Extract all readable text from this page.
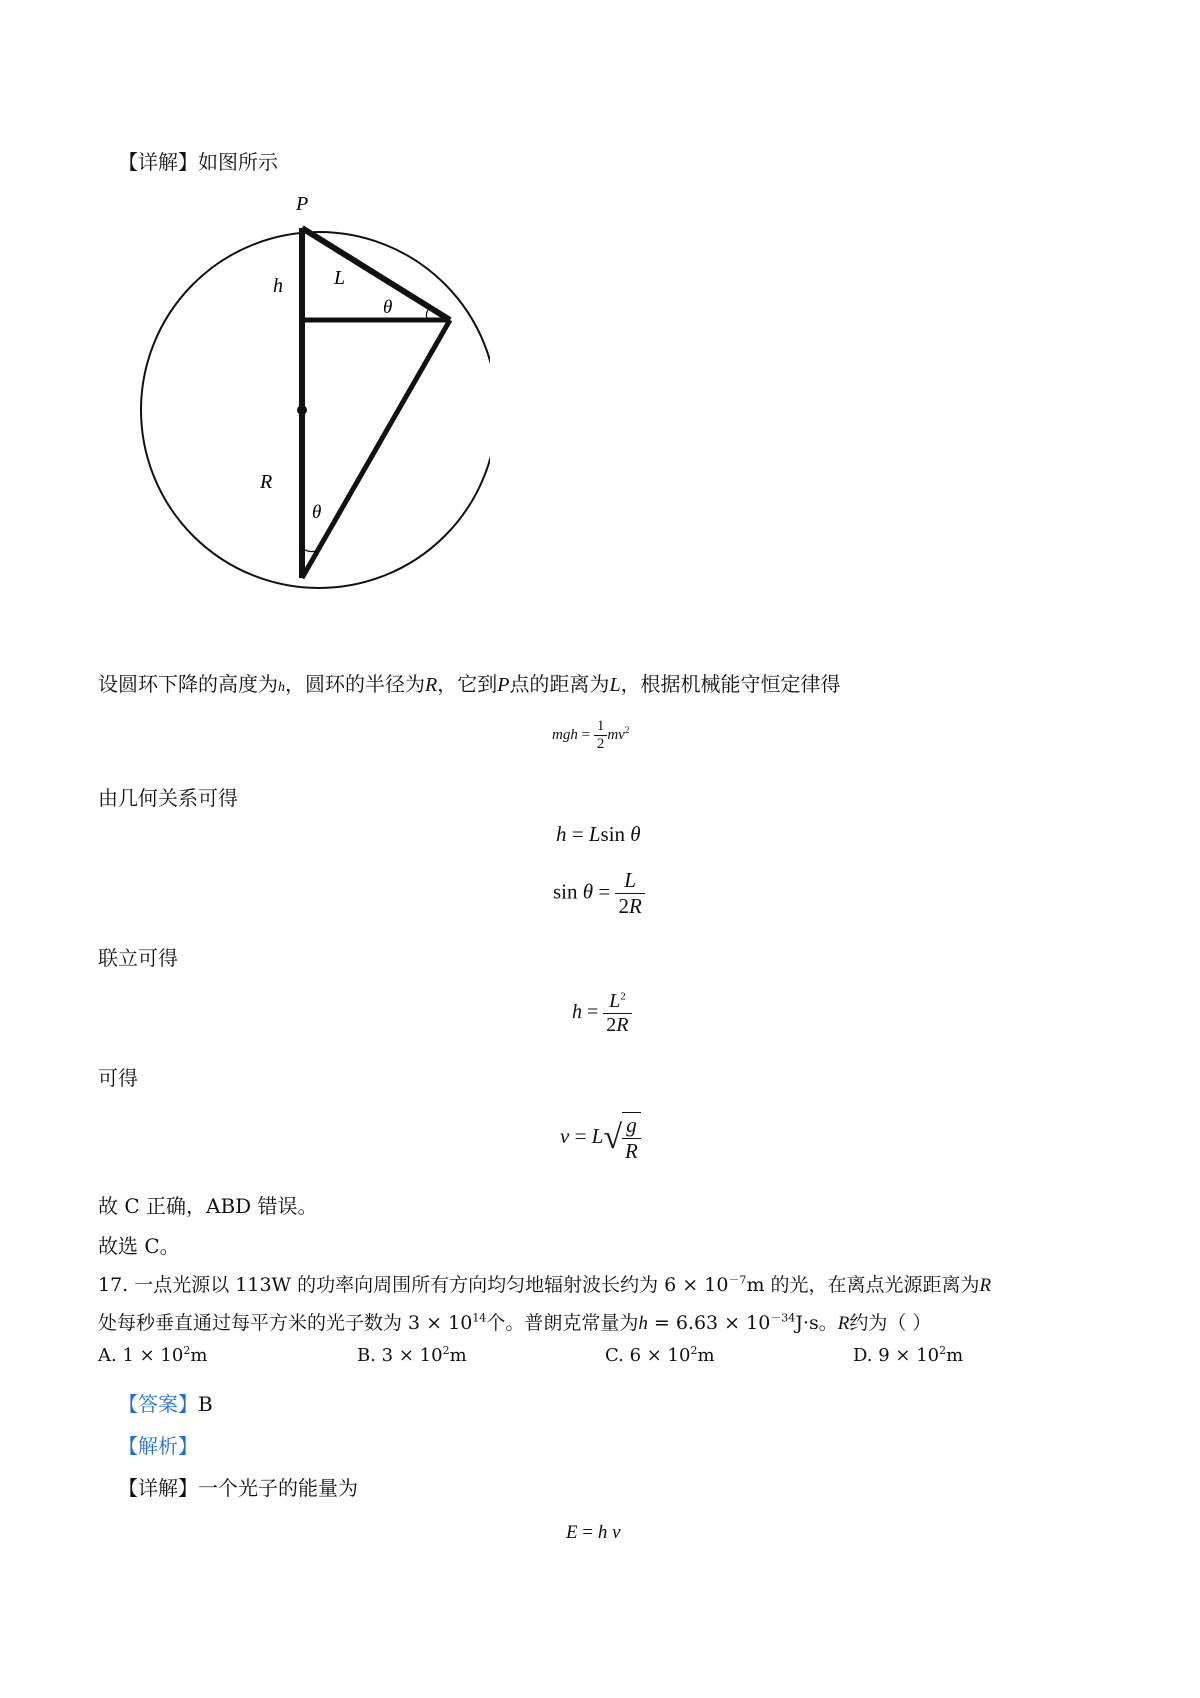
【详解】如图所示
P
h	L
θ
R
θ
设圆环下降的高度为h，圆环的半径为R，它到P点的距离为L，根据机械能守恒定律得
mgh = $\frac{1}{2} mv^2$
由几何关系可得
h = Lsin θ
$\sin \theta = \frac{L}{2R}$
联立可得
$h = \frac{L^2}{2R}$
可得
$v = L√ \frac{g}{R}$
故 C 正确，ABD 错误。
故选 C。
17. 一点光源以 113W 的功率向周围所有方向均匀地辐射波长约为 $6 \times 10^{-7}m$ 的光，在离点光源距离为R
处每秒垂直通过每平方米的光子数为 $3 \times 10^{14}$个。普朗克常量为$h = 6.63 \times 10^{-34}J\cdot s$。R约为（ ）
A. $1 \times 10^2m$	B. $3 \times 10^2m$	C. $6 \times 10^2m$	D. $9 \times 10^2m$
【答案】B
【解析】
【详解】一个光子的能量为
E = h ν
